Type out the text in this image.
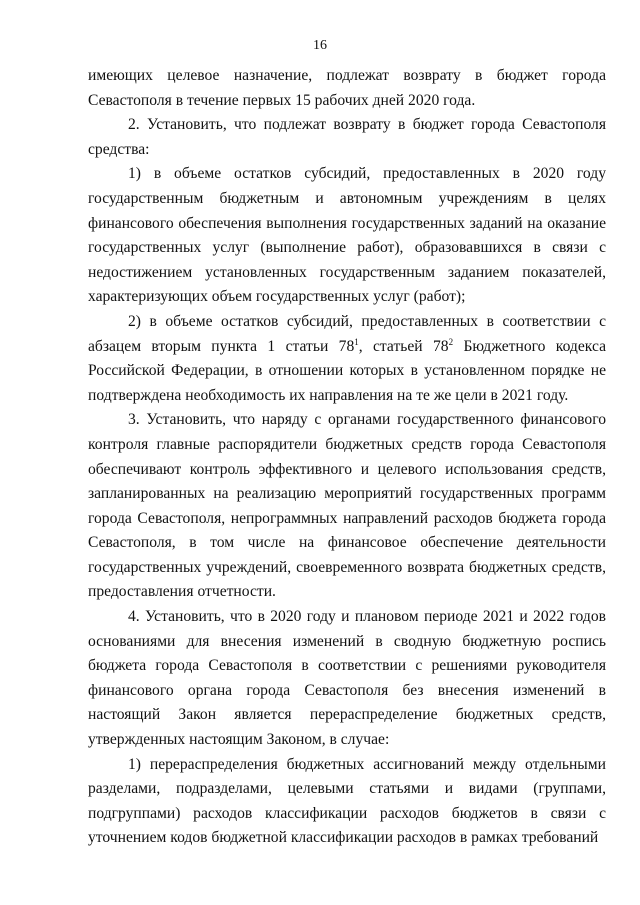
16

имеющих целевое назначение, подлежат возврату в бюджет города Севастополя в течение первых 15 рабочих дней 2020 года.

2. Установить, что подлежат возврату в бюджет города Севастополя средства:

1) в объеме остатков субсидий, предоставленных в 2020 году государственным бюджетным и автономным учреждениям в целях финансового обеспечения выполнения государственных заданий на оказание государственных услуг (выполнение работ), образовавшихся в связи с недостижением установленных государственным заданием показателей, характеризующих объем государственных услуг (работ);

2) в объеме остатков субсидий, предоставленных в соответствии с абзацем вторым пункта 1 статьи $78^1$, статьей $78^2$ Бюджетного кодекса Российской Федерации, в отношении которых в установленном порядке не подтверждена необходимость их направления на те же цели в 2021 году.

3. Установить, что наряду с органами государственного финансового контроля главные распорядители бюджетных средств города Севастополя обеспечивают контроль эффективного и целевого использования средств, запланированных на реализацию мероприятий государственных программ города Севастополя, непрограммных направлений расходов бюджета города Севастополя, в том числе на финансовое обеспечение деятельности государственных учреждений, своевременного возврата бюджетных средств, предоставления отчетности.

4. Установить, что в 2020 году и плановом периоде 2021 и 2022 годов основаниями для внесения изменений в сводную бюджетную роспись бюджета города Севастополя в соответствии с решениями руководителя финансового органа города Севастополя без внесения изменений в настоящий Закон является перераспределение бюджетных средств, утвержденных настоящим Законом, в случае:

1) перераспределения бюджетных ассигнований между отдельными разделами, подразделами, целевыми статьями и видами (группами, подгруппами) расходов классификации расходов бюджетов в связи с уточнением кодов бюджетной классификации расходов в рамках требований
